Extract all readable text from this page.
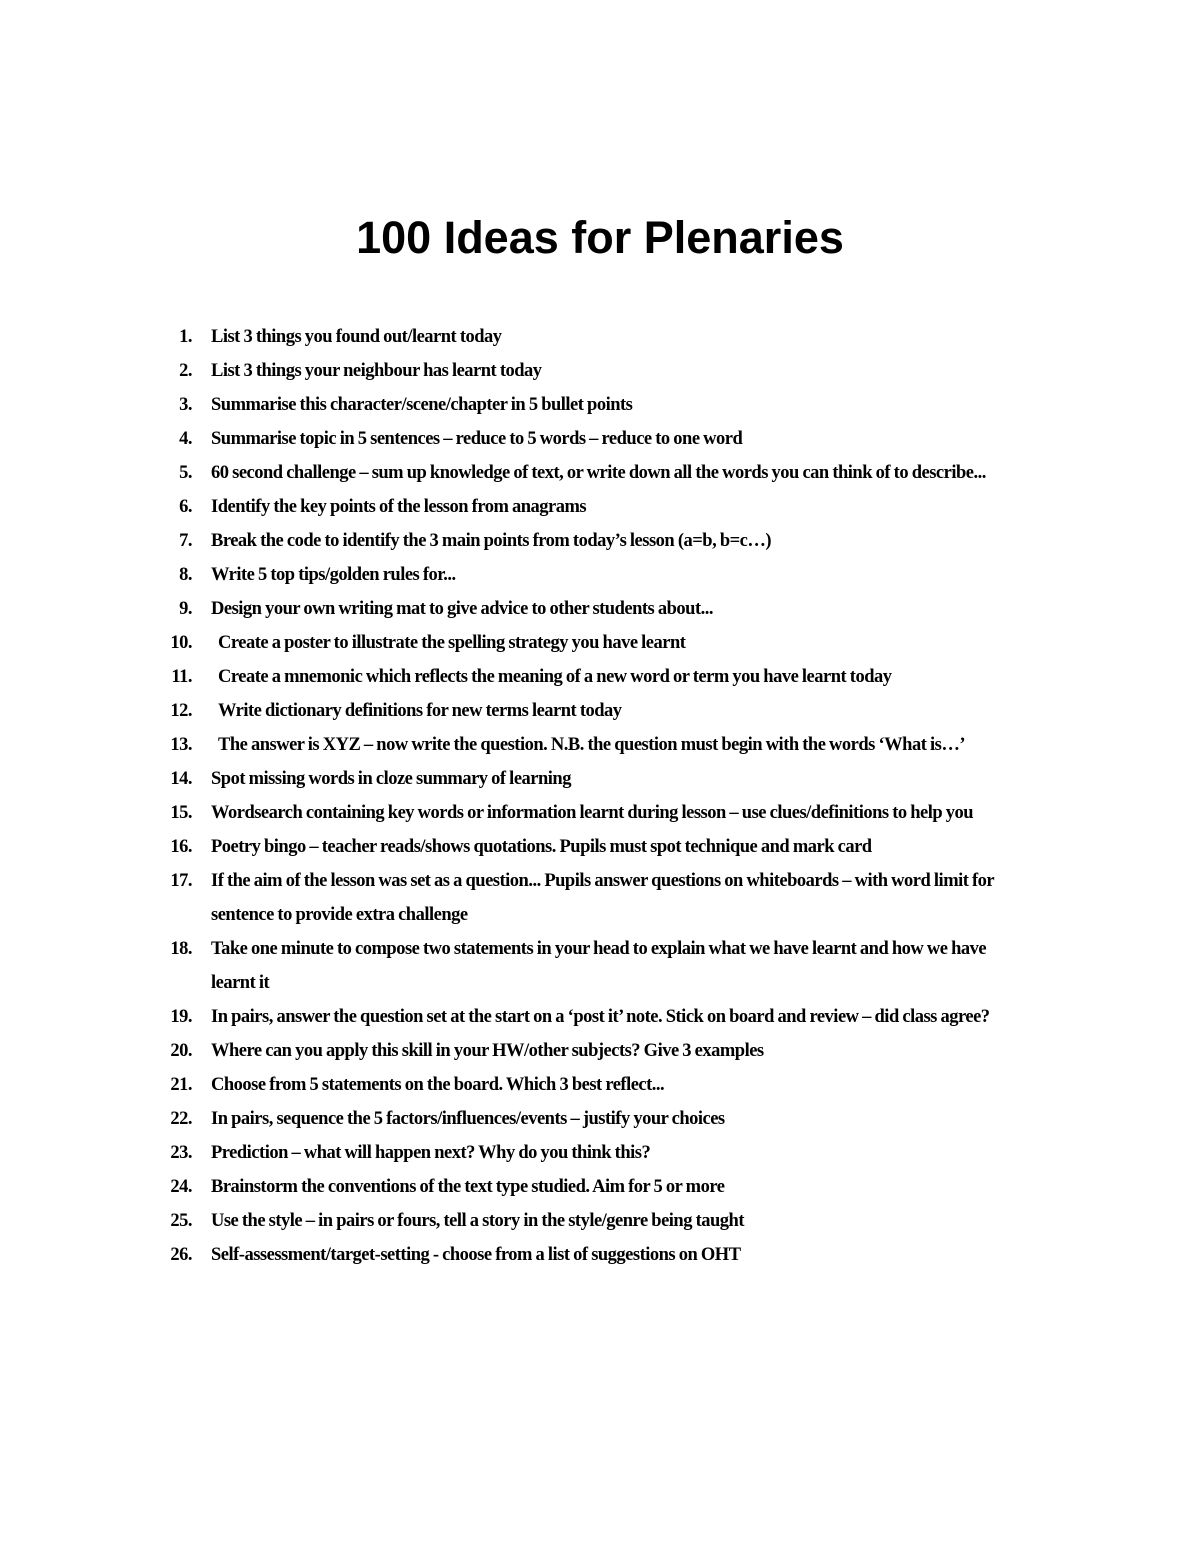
100 Ideas for Plenaries
1. List 3 things you found out/learnt today
2. List 3 things your neighbour has learnt today
3. Summarise this character/scene/chapter in 5 bullet points
4. Summarise topic in 5 sentences – reduce to 5 words – reduce to one word
5. 60 second challenge – sum up knowledge of text, or write down all the words you can think of to describe...
6. Identify the key points of the lesson from anagrams
7. Break the code to identify the 3 main points from today’s lesson (a=b, b=c…)
8. Write 5 top tips/golden rules for...
9. Design your own writing mat to give advice to other students about...
10. Create a poster to illustrate the spelling strategy you have learnt
11. Create a mnemonic which reflects the meaning of a new word or term you have learnt today
12. Write dictionary definitions for new terms learnt today
13. The answer is XYZ – now write the question. N.B. the question must begin with the words ‘What is…’
14. Spot missing words in cloze summary of learning
15. Wordsearch containing key words or information learnt during lesson – use clues/definitions to help you
16. Poetry bingo – teacher reads/shows quotations. Pupils must spot technique and mark card
17. If the aim of the lesson was set as a question... Pupils answer questions on whiteboards – with word limit for sentence to provide extra challenge
18. Take one minute to compose two statements in your head to explain what we have learnt and how we have learnt it
19. In pairs, answer the question set at the start on a ‘post it’ note. Stick on board and review – did class agree?
20. Where can you apply this skill in your HW/other subjects? Give 3 examples
21. Choose from 5 statements on the board. Which 3 best reflect...
22. In pairs, sequence the 5 factors/influences/events – justify your choices
23. Prediction – what will happen next? Why do you think this?
24. Brainstorm the conventions of the text type studied. Aim for 5 or more
25. Use the style – in pairs or fours, tell a story in the style/genre being taught
26. Self-assessment/target-setting - choose from a list of suggestions on OHT
